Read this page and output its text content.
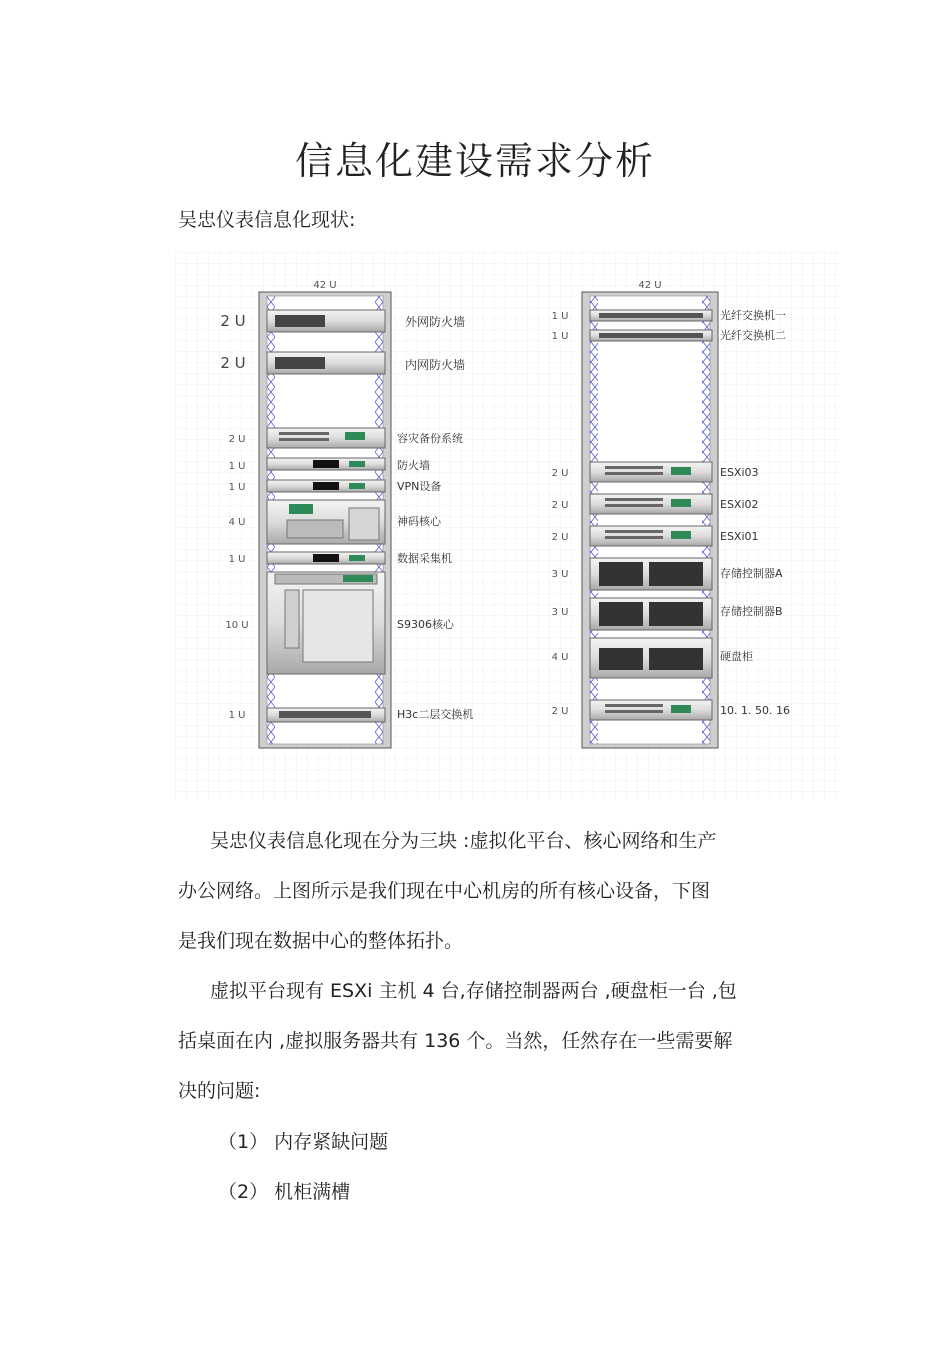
信息化建设需求分析
吴忠仪表信息化现状:
42 U
2 U	外网防火墙
2 U	内网防火墙
2 U	容灾备份系统
1 U	防火墙
1 U	VPN设备
4 U	神码核心
1 U	数据采集机
10 U	S9306核心
1 U	H3c二层交换机
42 U
1 U	光纤交换机一
1 U	光纤交换机二
2 U	ESXi03
2 U	ESXi02
2 U	ESXi01
3 U	存储控制器A
3 U	存储控制器B
4 U	硬盘柜
2 U	10. 1. 50. 16

吴忠仪表信息化现在分为三块 :虚拟化平台、核心网络和生产
办公网络。上图所示是我们现在中心机房的所有核心设备，下图
是我们现在数据中心的整体拓扑。

虚拟平台现有 ESXi 主机 4 台,存储控制器两台 ,硬盘柜一台 ,包
括桌面在内 ,虚拟服务器共有 136 个。当然，任然存在一些需要解
决的问题:

（1） 内存紧缺问题
（2） 机柜满槽
